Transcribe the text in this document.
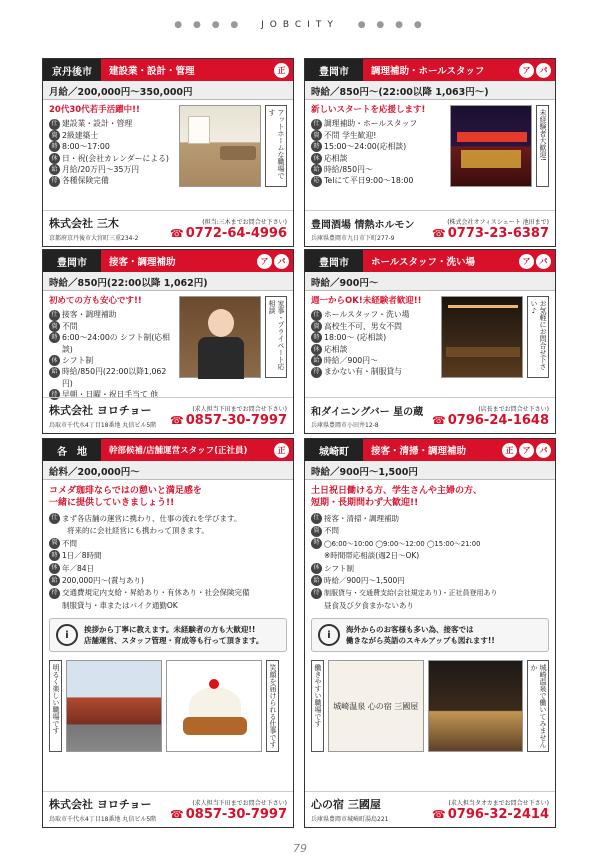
● ● ● ● JOBCITY ● ● ● ●
京丹後市	建設業・設計・管理	正
月給／200,000円〜350,000円
20代30代若手活躍中!!
仕 建設業・設計・管理
資 2級建築士
時 8:00〜17:00
休 日・祝(会社カレンダーによる)
給 月給/20万円〜35万円
待 各種保険完備
アットホームな職場です
株式会社 三木
京都府京丹後市大宮町三重234-2
(担当:三木までお問合せ下さい)
☎ 0772-64-4996
豊岡市	調理補助・ホールスタッフ	ア	パ
時給／850円〜(22:00以降 1,063円〜)
新しいスタートを応援します!
仕 調理補助・ホールスタッフ
資 不問 学生歓迎!
時 15:00〜24:00(応相談)
休 応相談
給 時給/850円〜
応 Telにて平日9:00〜18:00
未経験者大歓迎!
豊岡酒場 情熱ホルモン
兵庫県豊岡市九日市下町277-9
(株式会社オフィスシェート 池田まで)
☎ 0773-23-6387
豊岡市	接客・調理補助	ア	パ
時給／850円(22:00以降 1,062円)
初めての方も安心です!!
仕 接客・調理補助
資 不問
時 6:00〜24:00の シフト制(応相談)
休 シフト制
給 時給/850円(22:00以降1,062円)
待 早朝・日曜・祝日手当て 他
家事・プライベート応相談
株式会社 ヨロチョー
鳥取市千代水4丁目18番地 丸信ビル5階
(求人担当下田までお問合せ下さい)
☎ 0857-30-7997
豊岡市	ホールスタッフ・洗い場	ア	パ
時給／900円〜
週一からOK!未経験者歓迎!!
仕 ホールスタッフ・洗い場
資 高校生不可、男女不問
時 18:00〜 (応相談)
休 応相談
給 時給／900円〜
待 まかない有・制服貸与
お気軽にお問合せ下さい♪
和ダイニングバー 星の蔵
兵庫県豊岡市小田井12-8
(店長までお問合せ下さい)
☎ 0796-24-1648
各　地	幹部候補/店舗運営スタッフ(正社員)	正
給料／200,000円〜
コメダ珈琲ならではの憩いと満足感を
一緒に提供していきましょう!!
仕 まず各店舗の運営に携わり、仕事の流れを学びます。
将来的に会社経営にも携わって頂きます。
資 不問
時 1日／8時間
休 年／84日
給 200,000円〜(賞与あり)
待 交通費規定内支給・昇給あり・有休あり・社会保険完備
制服貸与・車またはバイク通勤OK
i	挨拶から丁寧に教えます。未経験者の方も大歓迎!!
店舗運営、スタッフ管理・育成等も行って頂きます。
明るく楽しい職場です	笑顔を届けられる仕事です
株式会社 ヨロチョー
鳥取市千代水4丁目18番地 丸信ビル5階
(求人担当下田までお問合せ下さい)
☎ 0857-30-7997
城崎町	接客・清掃・調理補助	正	ア	パ
時給／900円〜1,500円
土日祝日働ける方、学生さんや主婦の方、
短期・長期問わず大歓迎!!
仕 接客・清掃・調理補助
資 不問
時 ◯6:00〜10:00 ◯9:00〜12:00 ◯15:00〜21:00
※時間帯応相談(週2日〜OK)
休 シフト制
給 時給／900円〜1,500円
待 制服貸与・交通費支給(会社規定あり)・正社員登用あり
昼食及び夕食まかないあり
i	海外からのお客様も多い為、接客では
働きながら英語のスキルアップも図れます!!
働きやすい職場です	城崎温泉 心の宿 三國屋	城崎温泉で働いてみませんか
心の宿 三國屋
兵庫県豊岡市城崎町湯島221
(求人担当タオカまでお問合せ下さい)
☎ 0796-32-2414
79
